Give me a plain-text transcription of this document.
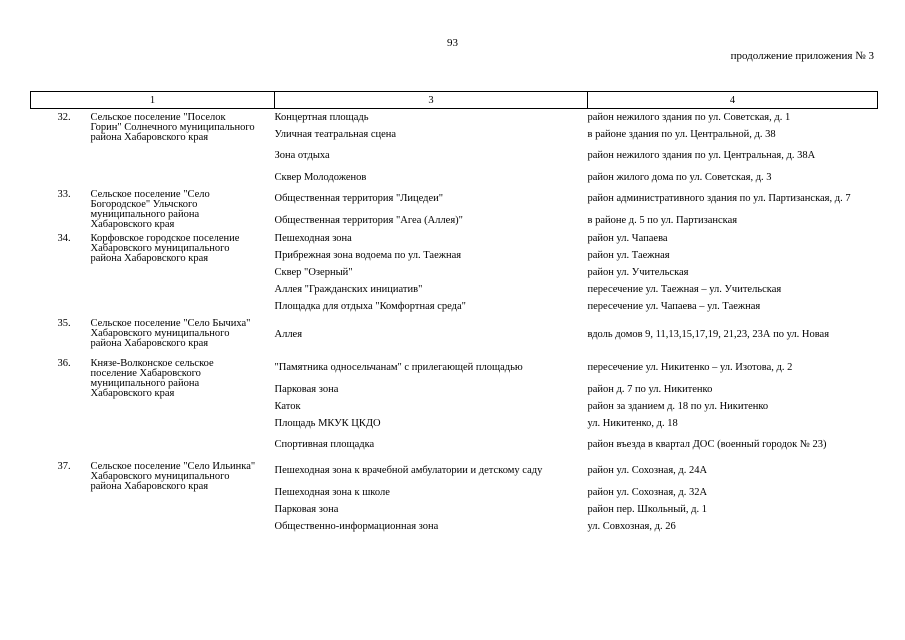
93
продолжение приложения № 3
1	3	4

32. Сельское поселение "Поселок Горин" Солнечного муниципального района Хабаровского края	Концертная площадь	район нежилого здания по ул. Советская, д. 1
	Уличная театральная сцена	в районе здания по ул. Центральной, д. 38
	Зона отдыха	район нежилого здания по ул. Центральная, д. 38А
	Сквер Молодоженов	район жилого дома по ул. Советская, д. 3

33. Сельское поселение "Село Богородское" Ульчского муниципального района Хабаровского края	Общественная территория "Лицедеи"	район административного здания по ул. Партизанская, д. 7
	Общественная территория "Агеа (Аллея)"	в районе д. 5 по ул. Партизанская

34. Корфовское городское поселение Хабаровского муниципального района Хабаровского края	Пешеходная зона	район ул. Чапаева
	Прибрежная зона водоема по ул. Таежная	район ул. Таежная
	Сквер "Озерный"	район ул. Учительская
	Аллея "Гражданских инициатив"	пересечение ул. Таежная – ул. Учительская
	Площадка для отдыха "Комфортная среда"	пересечение ул. Чапаева – ул. Таежная

35. Сельское поселение "Село Бычиха" Хабаровского муниципального района Хабаровского края	Аллея	вдоль домов 9, 11,13,15,17,19, 21,23, 23А по ул. Новая

36. Князе-Волконское сельское поселение Хабаровского муниципального района Хабаровского края	"Памятника односельчанам" с прилегающей площадью	пересечение ул. Никитенко – ул. Изотова, д. 2
	Парковая зона	район д. 7 по ул. Никитенко
	Каток	район за зданием д. 18 по ул. Никитенко
	Площадь МКУК ЦКДО	ул. Никитенко, д. 18
	Спортивная площадка	район въезда в квартал ДОС (военный городок № 23)

37. Сельское поселение "Село Ильинка" Хабаровского муниципального района Хабаровского края	Пешеходная зона к врачебной амбулатории и детскому саду	район ул. Сохозная, д. 24А
	Пешеходная зона к школе	район ул. Сохозная, д. 32А
	Парковая зона	район пер. Школьный, д. 1
	Общественно-информационная зона	ул. Совхозная, д. 26
